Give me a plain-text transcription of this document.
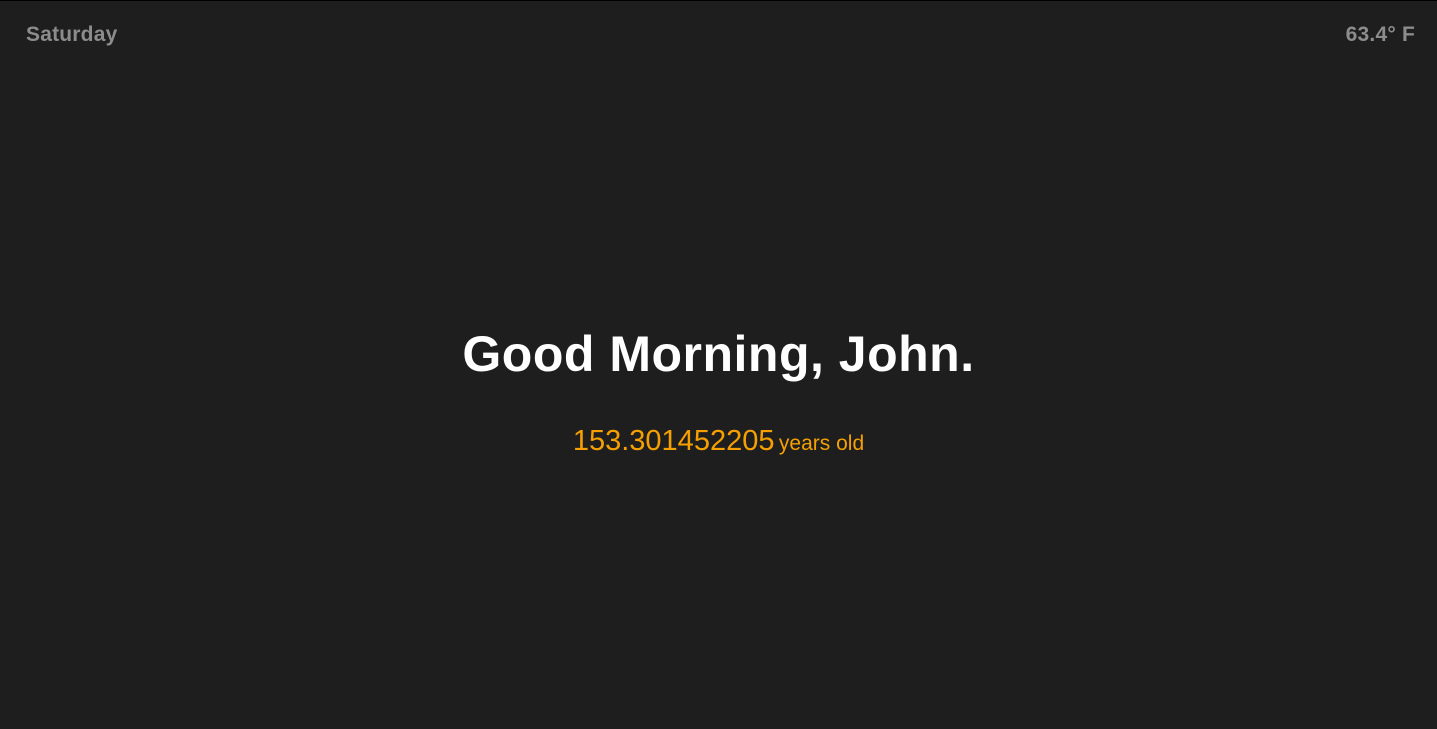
Saturday	63.4° F
Good Morning, John.
153.301452205 years old
